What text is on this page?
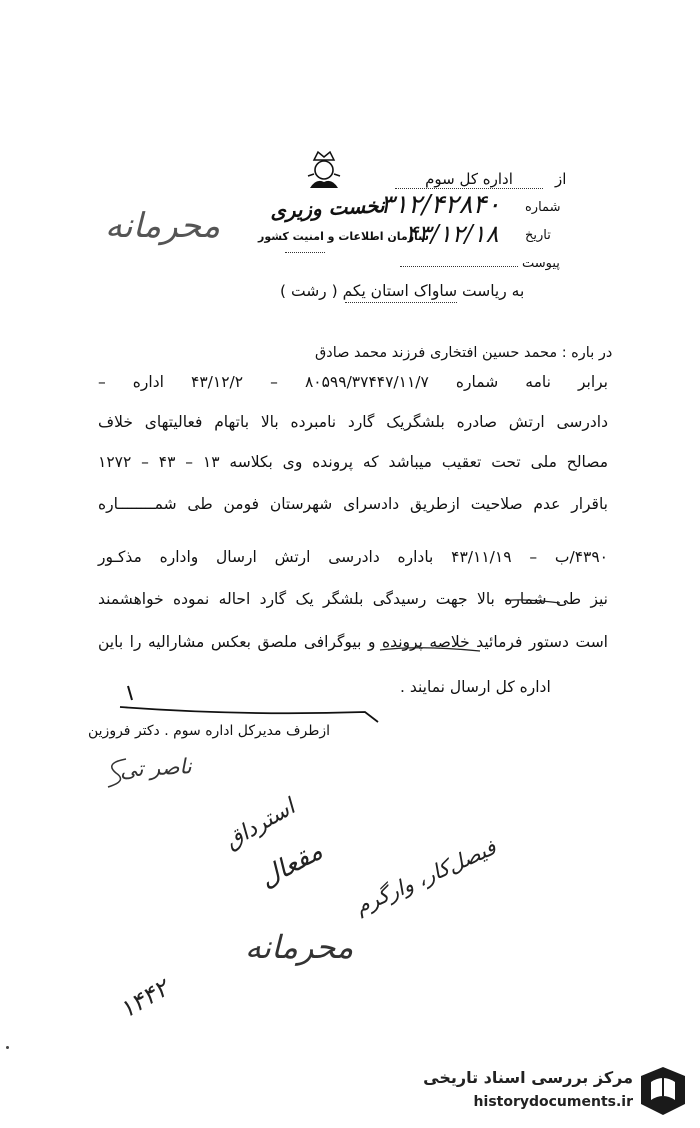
نخست وزیری
سازمان اطلاعات و امنیت کشور
از
اداره کل سوم
شماره
۳۱۲/۴۲۸۴۰
تاریخ
۴۳/۱۲/۱۸
پیوست
محرمانه
به ریاست ساواک استان یکم ( رشت )
در باره : محمد حسین افتخاری فرزند محمد صادق
برابر نامه شماره ۸۰۵۹۹/۳۷۴۴۷/۱۱/۷ – ۴۳/۱۲/۲ اداره –
دادرسی ارتش صادره بلشگریک گارد نامبرده بالا باتهام فعالیتهای خلاف
مصالح ملی تحت تعقیب میباشد که پرونده وی بکلاسه ۱۳ – ۴۳ – ۱۲۷۲
باقرار عدم صلاحیت ازطریق دادسرای شهرستان فومن طی شمــــــــاره
۴۳۹۰/ب – ۴۳/۱۱/۱۹ باداره دادرسی ارتش ارسال واداره مذکـور
نیز طی شماره بالا جهت رسیدگی بلشگر یک گارد احاله نموده خواهشمند
است دستور فرمائید خلاصه پرونده و بیوگرافی ملصق بعکس مشارالیه را باین
اداره کل ارسال نمایند .
ازطرف مدیرکل اداره سوم . دکتر فروزین
ناصر تی
استرداق
مقعال فیصل‌کار، وارگرم
محرمانه
۱۴۴۲
مرکز بررسی اسناد تاریخی
historydocuments.ir
